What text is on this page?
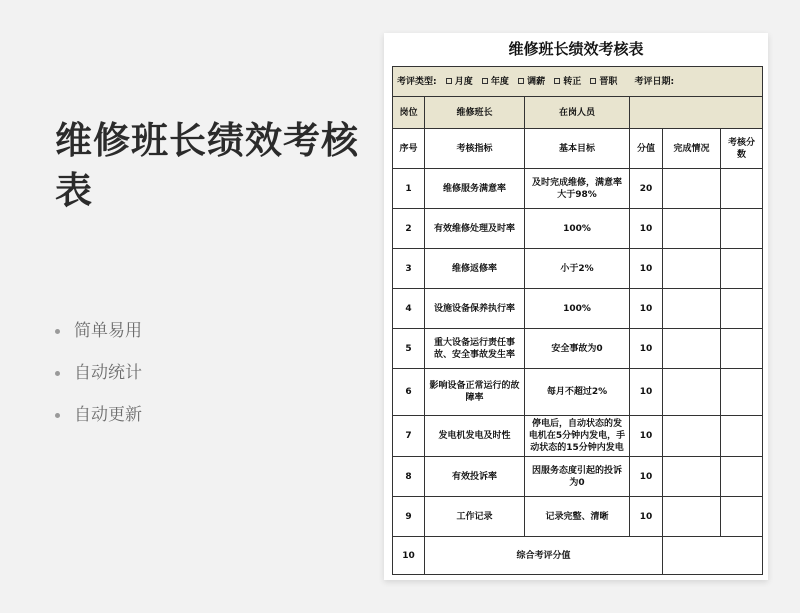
维修班长绩效考核表
简单易用
自动统计
自动更新
维修班长绩效考核表
考评类型: 月度 年度 调薪 转正 晋职 考评日期:					
岗位	维修班长	在岗人员			
序号	考核指标	基本目标	分值	完成情况	考核分数
1	维修服务满意率	及时完成维修，满意率大于98%	20		
2	有效维修处理及时率	100%	10		
3	维修返修率	小于2%	10		
4	设施设备保养执行率	100%	10		
5	重大设备运行责任事故、安全事故发生率	安全事故为0	10		
6	影响设备正常运行的故障率	每月不超过2%	10		
7	发电机发电及时性	停电后，自动状态的发电机在5分钟内发电，手动状态的15分钟内发电	10		
8	有效投诉率	因服务态度引起的投诉为0	10		
9	工作记录	记录完整、清晰	10		
10	综合考评分值				
